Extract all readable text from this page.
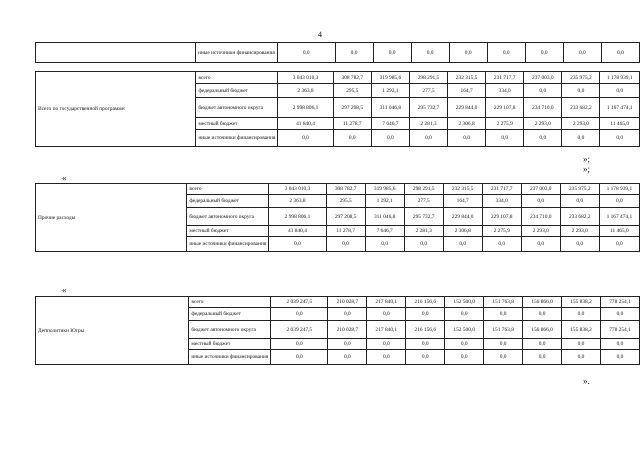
4
	иные источники финансирования	0,0	0,0	0,0	0,0	0,0	0,0	0,0	0,0	0,0
Всего по государственной программе:	всего	3 043 010,3	308 782,7	319 985,6	298 291,5	232 315,5	231 717,7	237 003,0	235 975,2	1 178 939,1
	федеральный бюджет	2 363,8	295,5	1 292,1	277,5	164,7	334,0	0,0	0,0	0,0
	бюджет автономного округа	2 998 806,1	297 208,5	311 046,8	295 732,7	229 844,0	229 107,8	234 710,0	233 682,2	1 167 474,1
	местный бюджет	41 840,4	11 278,7	7 646,7	2 281,3	2 306,8	2 275,9	2 293,0	2 293,0	11 465,0
	иные источники финансирования	0,0	0,0	0,0	0,0	0,0	0,0	0,0	0,0	0,0
»;
Прочие расходы	всего	3 043 010,3	308 782,7	319 985,6	298 291,5	232 315,5	231 717,7	237 003,0	235 975,2	1 178 939,1
	федеральный бюджет	2 363,8	295,5	1 292,1	277,5	164,7	334,0	0,0	0,0	0,0
	бюджет автономного округа	2 998 806,1	297 208,5	311 046,8	295 732,7	229 844,0	229 107,8	234 710,0	233 682,2	1 167 474,1
	местный бюджет	41 840,4	11 278,7	7 646,7	2 281,3	2 306,8	2 275,9	2 293,0	2 293,0	11 465,0
	иные источники финансирования	0,0	0,0	0,0	0,0	0,0	0,0	0,0	0,0	0,0
«
»;
Депполитики Югры	всего	2 039 247,5	210 028,7	217 840,1	216 156,6	152 500,0	151 763,8	156 866,0	155 838,2	778 254,1
	федеральный бюджет	0,0	0,0	0,0	0,0	0,0	0,0	0,0	0,0	0,0
	бюджет автономного округа	2 039 247,5	210 028,7	217 840,1	216 156,6	152 500,0	151 763,8	156 866,0	155 838,2	778 254,1
	местный бюджет	0,0	0,0	0,0	0,0	0,0	0,0	0,0	0,0	0,0
	иные источники финансирования	0,0	0,0	0,0	0,0	0,0	0,0	0,0	0,0	0,0
«
».
